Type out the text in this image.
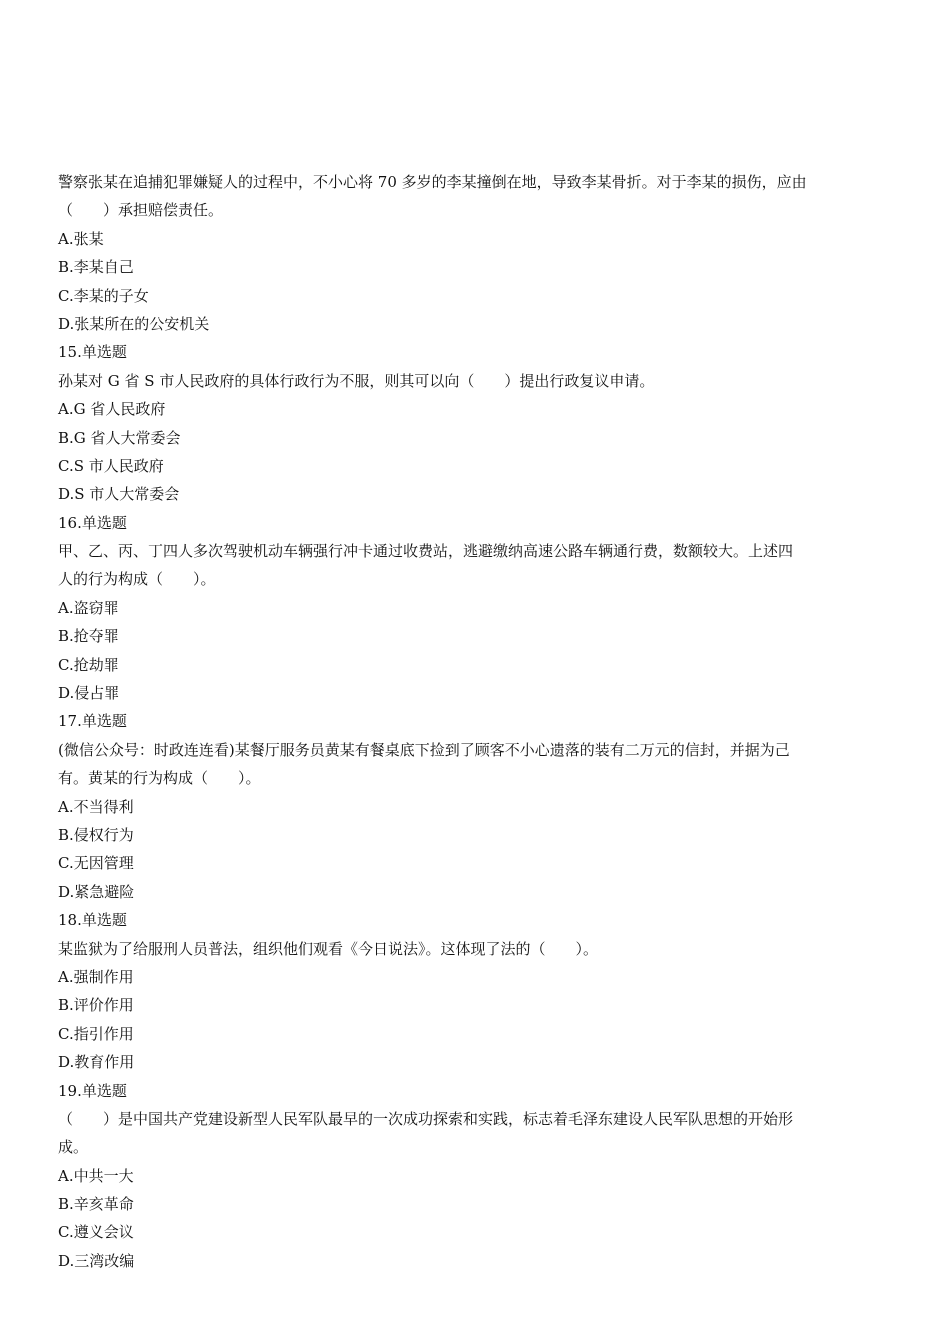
警察张某在追捕犯罪嫌疑人的过程中，不小心将 70 多岁的李某撞倒在地，导致李某骨折。对于李某的损伤，应由
（　　）承担赔偿责任。
A.张某
B.李某自己
C.李某的子女
D.张某所在的公安机关
15.单选题
孙某对 G 省 S 市人民政府的具体行政行为不服，则其可以向（　　）提出行政复议申请。
A.G 省人民政府
B.G 省人大常委会
C.S 市人民政府
D.S 市人大常委会
16.单选题
甲、乙、丙、丁四人多次驾驶机动车辆强行冲卡通过收费站，逃避缴纳高速公路车辆通行费，数额较大。上述四
人的行为构成（　　）。
A.盗窃罪
B.抢夺罪
C.抢劫罪
D.侵占罪
17.单选题
(微信公众号：时政连连看)某餐厅服务员黄某有餐桌底下捡到了顾客不小心遗落的装有二万元的信封，并据为己
有。黄某的行为构成（　　）。
A.不当得利
B.侵权行为
C.无因管理
D.紧急避险
18.单选题
某监狱为了给服刑人员普法，组织他们观看《今日说法》。这体现了法的（　　）。
A.强制作用
B.评价作用
C.指引作用
D.教育作用
19.单选题
（　　）是中国共产党建设新型人民军队最早的一次成功探索和实践，标志着毛泽东建设人民军队思想的开始形
成。
A.中共一大
B.辛亥革命
C.遵义会议
D.三湾改编
